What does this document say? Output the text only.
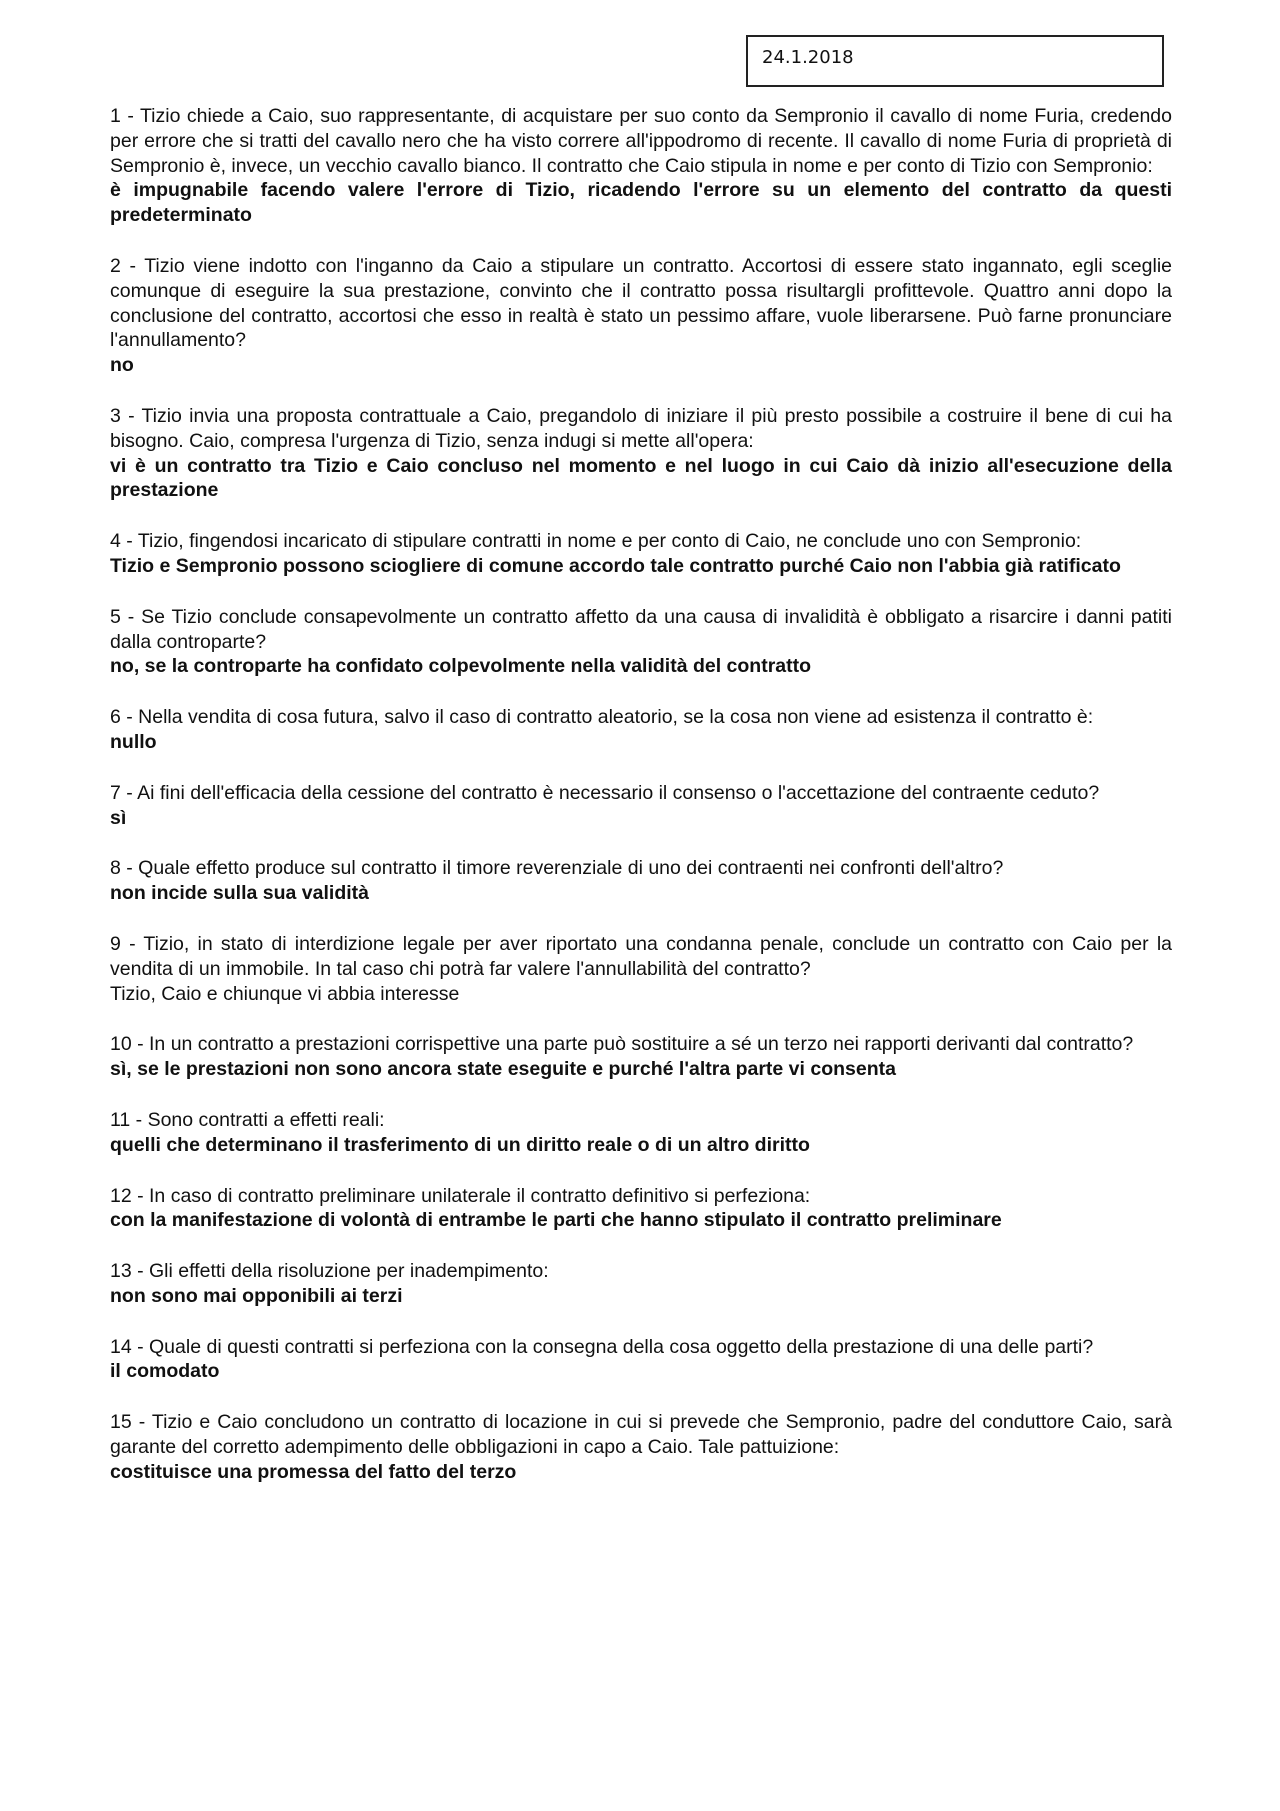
24.1.2018
1 - Tizio chiede a Caio, suo rappresentante, di acquistare per suo conto da Sempronio il cavallo di nome Furia, credendo per errore che si tratti del cavallo nero che ha visto correre all'ippodromo di recente. Il cavallo di nome Furia di proprietà di Sempronio è, invece, un vecchio cavallo bianco. Il contratto che Caio stipula in nome e per conto di Tizio con Sempronio:
è impugnabile facendo valere l'errore di Tizio, ricadendo l'errore su un elemento del contratto da questi predeterminato
2 - Tizio viene indotto con l'inganno da Caio a stipulare un contratto. Accortosi di essere stato ingannato, egli sceglie comunque di eseguire la sua prestazione, convinto che il contratto possa risultargli profittevole. Quattro anni dopo la conclusione del contratto, accortosi che esso in realtà è stato un pessimo affare, vuole liberarsene. Può farne pronunciare l'annullamento?
no
3 - Tizio invia una proposta contrattuale a Caio, pregandolo di iniziare il più presto possibile a costruire il bene di cui ha bisogno. Caio, compresa l'urgenza di Tizio, senza indugi si mette all'opera:
vi è un contratto tra Tizio e Caio concluso nel momento e nel luogo in cui Caio dà inizio all'esecuzione della prestazione
4 - Tizio, fingendosi incaricato di stipulare contratti in nome e per conto di Caio, ne conclude uno con Sempronio:
Tizio e Sempronio possono sciogliere di comune accordo tale contratto purché Caio non l'abbia già ratificato
5 - Se Tizio conclude consapevolmente un contratto affetto da una causa di invalidità è obbligato a risarcire i danni patiti dalla controparte?
no, se la controparte ha confidato colpevolmente nella validità del contratto
6 - Nella vendita di cosa futura, salvo il caso di contratto aleatorio, se la cosa non viene ad esistenza il contratto è:
nullo
7 - Ai fini dell'efficacia della cessione del contratto è necessario il consenso o l'accettazione del contraente ceduto?
sì
8 - Quale effetto produce sul contratto il timore reverenziale di uno dei contraenti nei confronti dell'altro?
non incide sulla sua validità
9 - Tizio, in stato di interdizione legale per aver riportato una condanna penale, conclude un contratto con Caio per la vendita di un immobile. In tal caso chi potrà far valere l'annullabilità del contratto?
Tizio, Caio e chiunque vi abbia interesse
10 - In un contratto a prestazioni corrispettive una parte può sostituire a sé un terzo nei rapporti derivanti dal contratto?
sì, se le prestazioni non sono ancora state eseguite e purché l'altra parte vi consenta
11 - Sono contratti a effetti reali:
quelli che determinano il trasferimento di un diritto reale o di un altro diritto
12 - In caso di contratto preliminare unilaterale il contratto definitivo si perfeziona:
con la manifestazione di volontà di entrambe le parti che hanno stipulato il contratto preliminare
13 - Gli effetti della risoluzione per inadempimento:
non sono mai opponibili ai terzi
14 - Quale di questi contratti si perfeziona con la consegna della cosa oggetto della prestazione di una delle parti?
il comodato
15 - Tizio e Caio concludono un contratto di locazione in cui si prevede che Sempronio, padre del conduttore Caio, sarà garante del corretto adempimento delle obbligazioni in capo a Caio. Tale pattuizione:
costituisce una promessa del fatto del terzo
